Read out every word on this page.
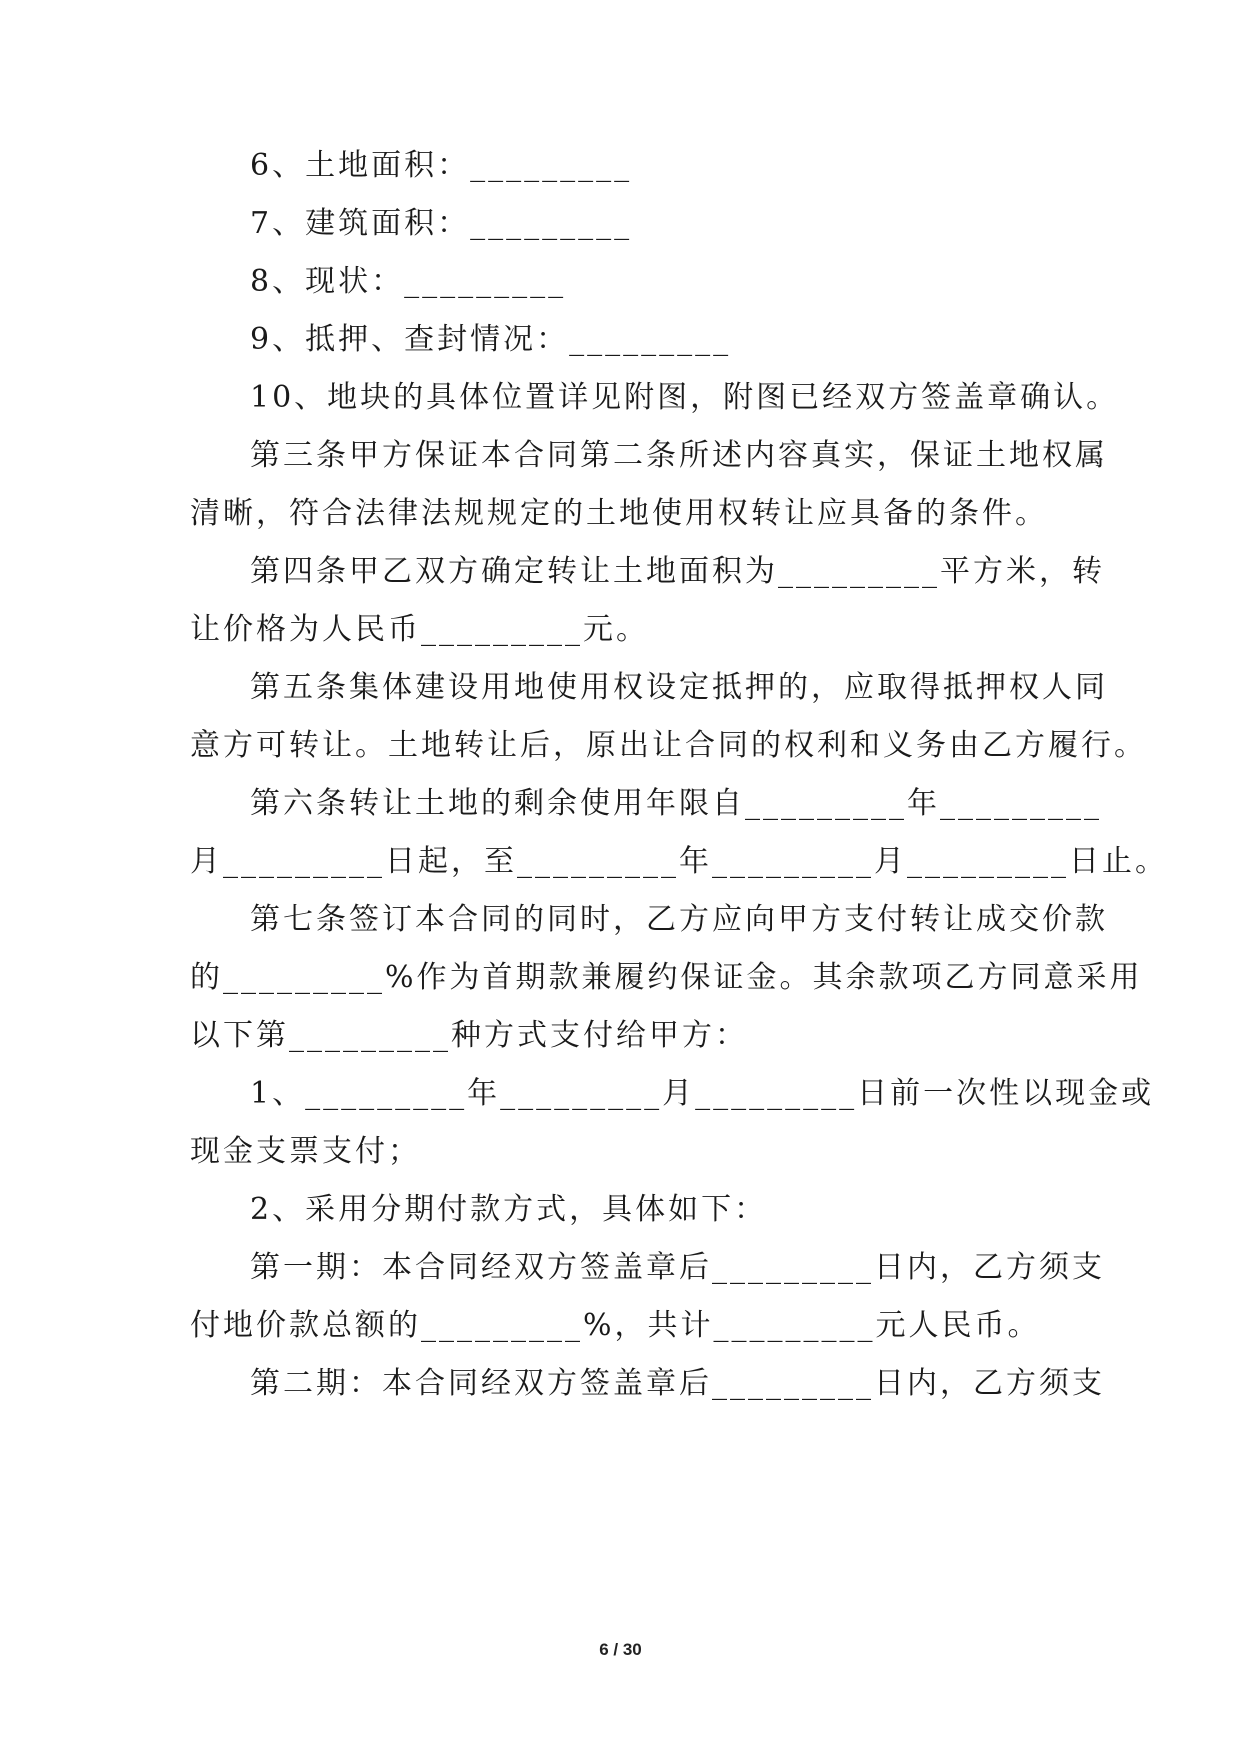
6、土地面积：_________
7、建筑面积：_________
8、现状：_________
9、抵押、查封情况：_________
10、地块的具体位置详见附图，附图已经双方签盖章确认。
第三条甲方保证本合同第二条所述内容真实，保证土地权属
清晰，符合法律法规规定的土地使用权转让应具备的条件。
第四条甲乙双方确定转让土地面积为_________平方米，转
让价格为人民币_________元。
第五条集体建设用地使用权设定抵押的，应取得抵押权人同
意方可转让。土地转让后，原出让合同的权利和义务由乙方履行。
第六条转让土地的剩余使用年限自_________年_________
月_________日起，至_________年_________月_________日止。
第七条签订本合同的同时，乙方应向甲方支付转让成交价款
的_________%作为首期款兼履约保证金。其余款项乙方同意采用
以下第_________种方式支付给甲方：
1、_________年_________月_________日前一次性以现金或
现金支票支付；
2、采用分期付款方式，具体如下：
第一期：本合同经双方签盖章后_________日内，乙方须支
付地价款总额的_________%，共计_________元人民币。
第二期：本合同经双方签盖章后_________日内，乙方须支
6 / 30
